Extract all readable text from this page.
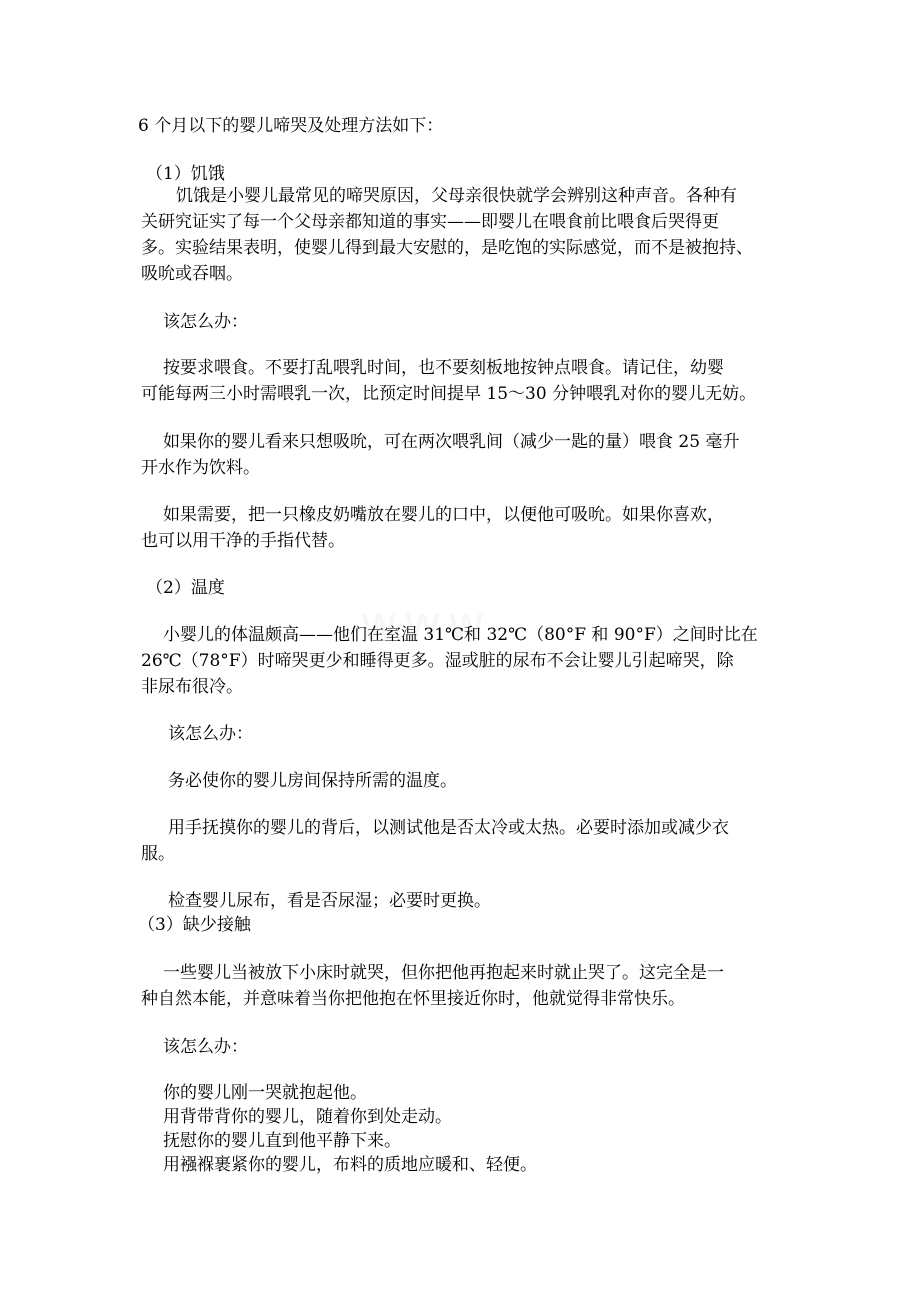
6 个月以下的婴儿啼哭及处理方法如下：
（1）饥饿
饥饿是小婴儿最常见的啼哭原因，父母亲很快就学会辨别这种声音。各种有
关研究证实了每一个父母亲都知道的事实——即婴儿在喂食前比喂食后哭得更
多。实验结果表明，使婴儿得到最大安慰的，是吃饱的实际感觉，而不是被抱持、
吸吮或吞咽。
该怎么办：
按要求喂食。不要打乱喂乳时间，也不要刻板地按钟点喂食。请记住，幼婴
可能每两三小时需喂乳一次，比预定时间提早 15～30 分钟喂乳对你的婴儿无妨。
如果你的婴儿看来只想吸吮，可在两次喂乳间（减少一匙的量）喂食 25 毫升
开水作为饮料。
如果需要，把一只橡皮奶嘴放在婴儿的口中，以便他可吸吮。如果你喜欢，
也可以用干净的手指代替。
（2）温度
小婴儿的体温颇高——他们在室温 31℃和 32℃（80°F 和 90°F）之间时比在
26℃（78°F）时啼哭更少和睡得更多。湿或脏的尿布不会让婴儿引起啼哭，除
非尿布很冷。
该怎么办：
务必使你的婴儿房间保持所需的温度。
用手抚摸你的婴儿的背后，以测试他是否太冷或太热。必要时添加或减少衣
服。
检查婴儿尿布，看是否尿湿；必要时更换。
（3）缺少接触
一些婴儿当被放下小床时就哭，但你把他再抱起来时就止哭了。这完全是一
种自然本能，并意味着当你把他抱在怀里接近你时，他就觉得非常快乐。
该怎么办：
你的婴儿刚一哭就抱起他。
用背带背你的婴儿，随着你到处走动。
抚慰你的婴儿直到他平静下来。
用襁褓裹紧你的婴儿，布料的质地应暖和、轻便。
